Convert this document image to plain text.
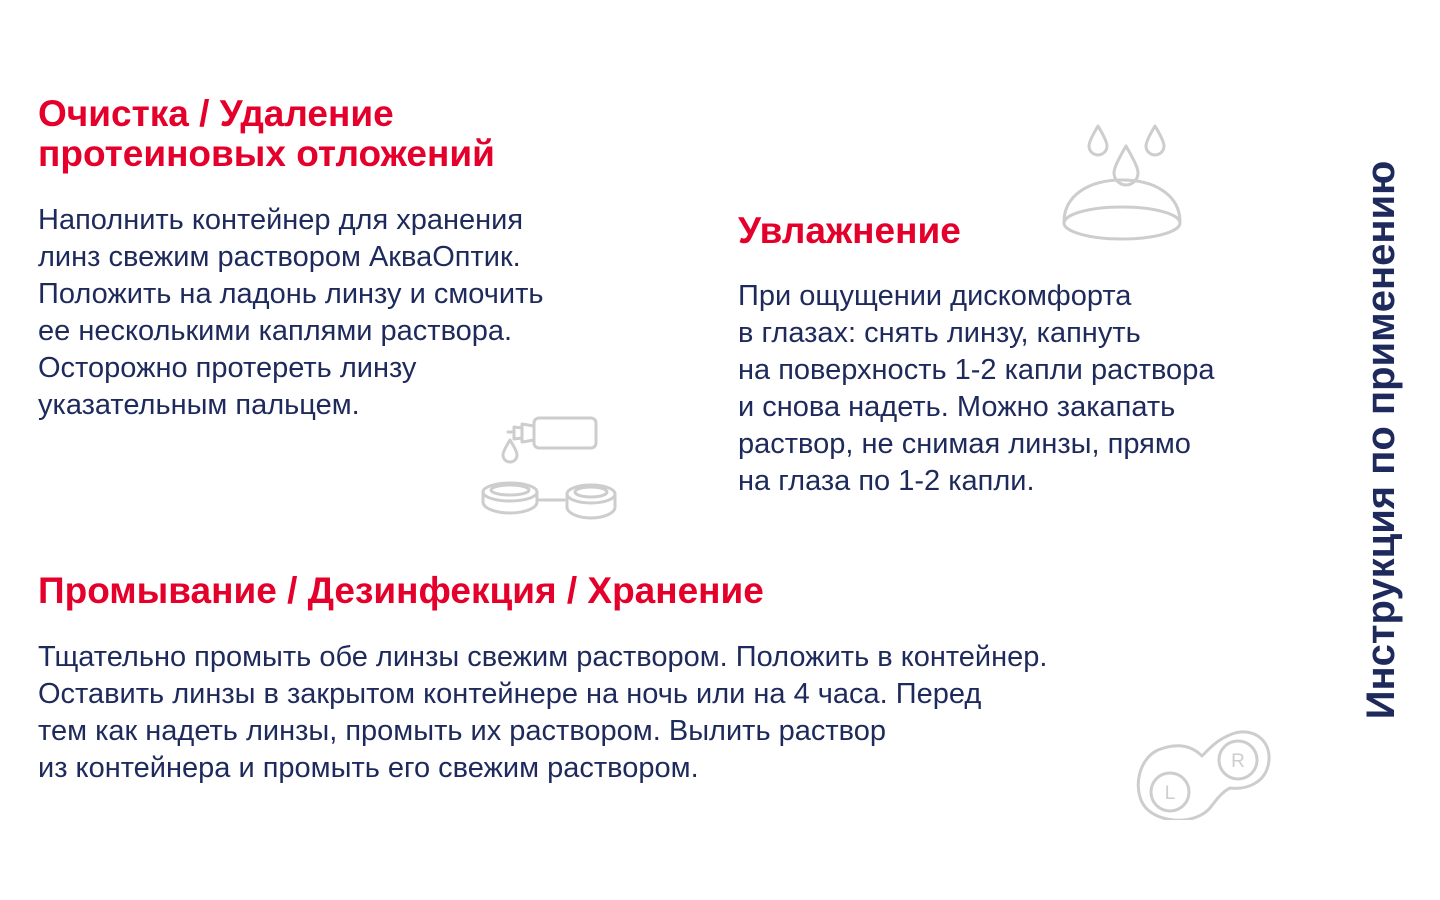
Очистка / Удаление
протеиновых отложений

Наполнить контейнер для хранения
линз свежим раствором АкваОптик.
Положить на ладонь линзу и смочить
ее несколькими каплями раствора.
Осторожно протереть линзу
указательным пальцем.

Увлажнение

При ощущении дискомфорта
в глазах: снять линзу, капнуть
на поверхность 1-2 капли раствора
и снова надеть. Можно закапать
раствор, не снимая линзы, прямо
на глаза по 1-2 капли.

Промывание / Дезинфекция / Хранение

Тщательно промыть обе линзы свежим раствором. Положить в контейнер.
Оставить линзы в закрытом контейнере на ночь или на 4 часа. Перед
тем как надеть линзы, промыть их раствором. Вылить раствор
из контейнера и промыть его свежим раствором.

L
R

Инструкция по применению
